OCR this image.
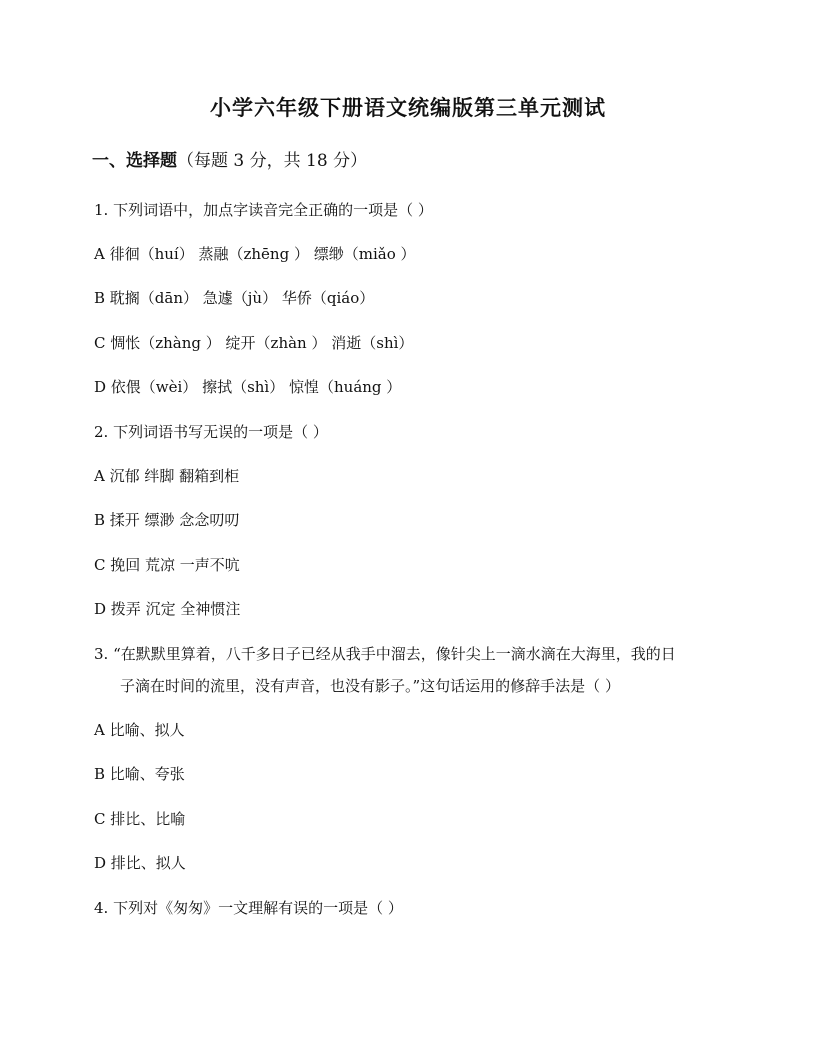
小学六年级下册语文统编版第三单元测试
一、选择题（每题 3 分，共 18 分）
1. 下列词语中，加点字读音完全正确的一项是（ ）
A 徘徊（huí） 蒸融（zhēng ） 缥缈（miǎo ）
B 耽搁（dān） 急遽（jù） 华侨（qiáo）
C 惆怅（zhàng ） 绽开（zhàn ） 消逝（shì）
D 依偎（wèi） 擦拭（shì） 惊惶（huáng ）
2. 下列词语书写无误的一项是（ ）
A 沉郁 绊脚 翻箱到柜
B 揉开 缥渺 念念叨叨
C 挽回 荒凉 一声不吭
D 拨弄 沉定 全神惯注
3. “在默默里算着，八千多日子已经从我手中溜去，像针尖上一滴水滴在大海里，我的日
子滴在时间的流里，没有声音，也没有影子。”这句话运用的修辞手法是（ ）
A 比喻、拟人
B 比喻、夸张
C 排比、比喻
D 排比、拟人
4. 下列对《匆匆》一文理解有误的一项是（ ）
